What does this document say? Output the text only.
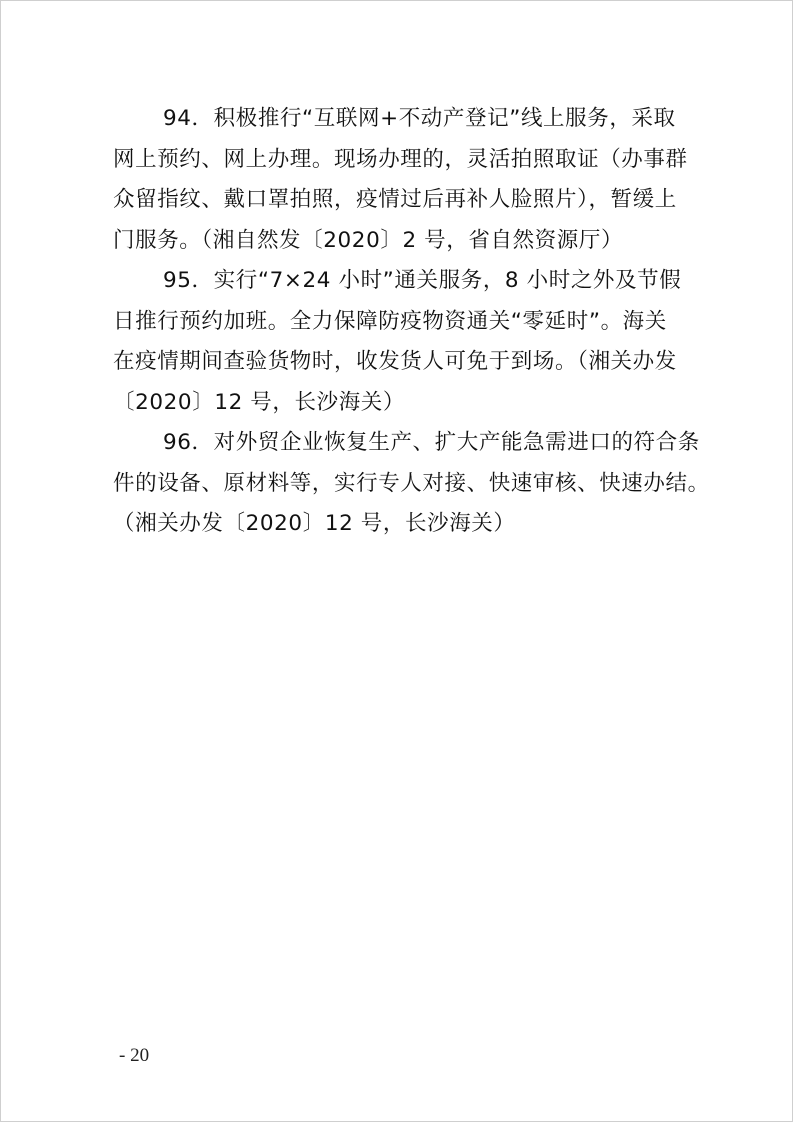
94．积极推行“互联网+不动产登记”线上服务，采取
网上预约、网上办理。现场办理的，灵活拍照取证（办事群
众留指纹、戴口罩拍照，疫情过后再补人脸照片），暂缓上
门服务。（湘自然发〔2020〕2 号，省自然资源厅）

95．实行“7×24 小时”通关服务，8 小时之外及节假
日推行预约加班。全力保障防疫物资通关“零延时”。海关
在疫情期间查验货物时，收发货人可免于到场。（湘关办发
〔2020〕12 号，长沙海关）

96．对外贸企业恢复生产、扩大产能急需进口的符合条
件的设备、原材料等，实行专人对接、快速审核、快速办结。
（湘关办发〔2020〕12 号，长沙海关）

- 20
